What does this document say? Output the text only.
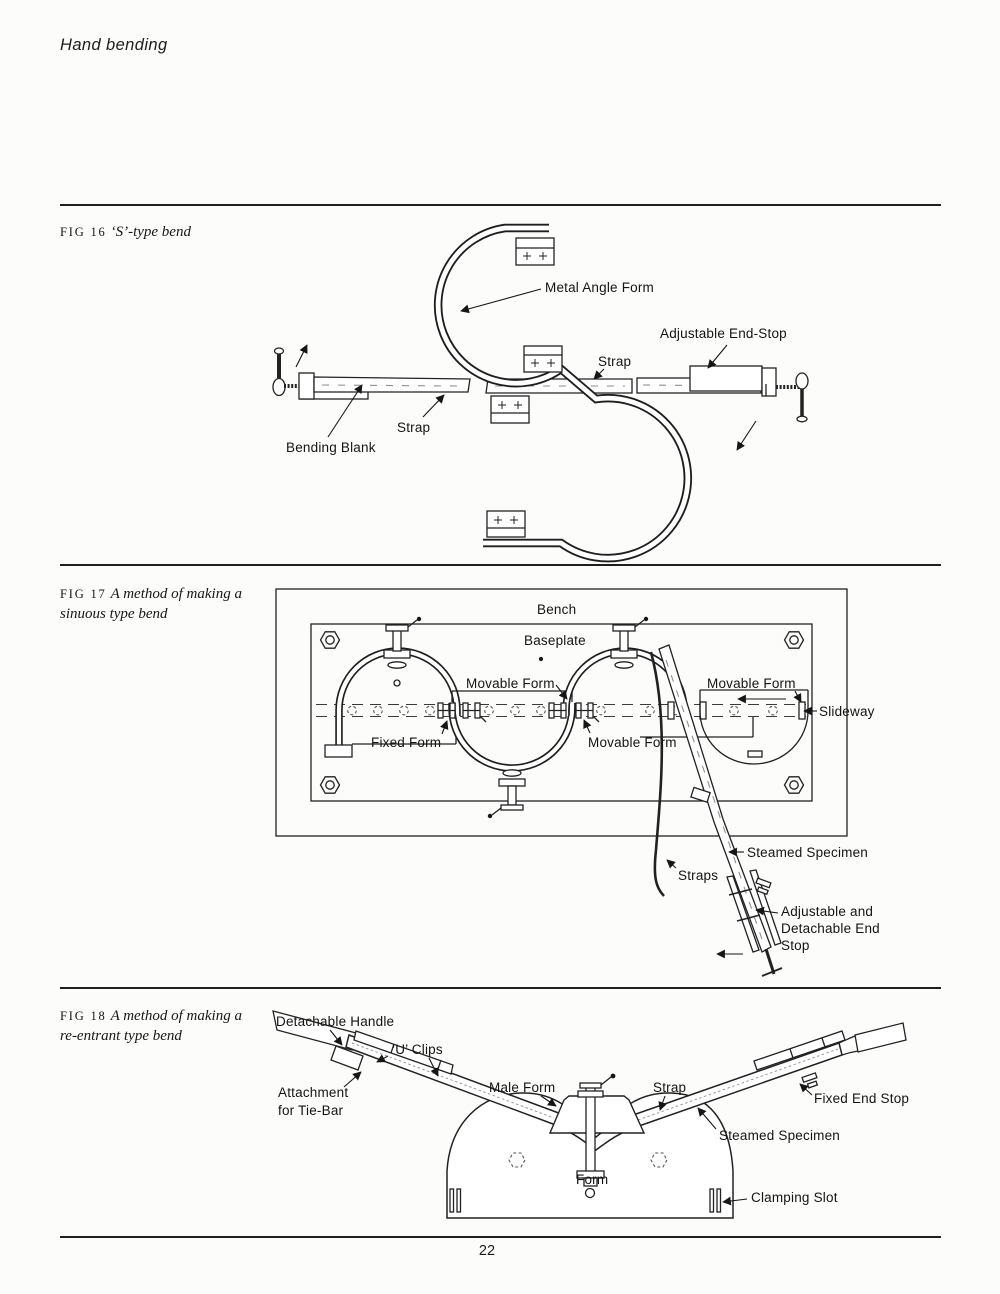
Hand bending
FIG 16 ‘S’-type bend
Metal Angle Form
Adjustable End-Stop
Strap
Strap
Bending Blank
FIG 17 A method of making a
sinuous type bend	Bench
Baseplate
Movable Form	Movable Form
Slideway
Fixed Form	Movable Form
Steamed Specimen
Straps
Adjustable and
Detachable End
Stop
FIG 18 A method of making a
re-entrant type bend
Detachable Handle
‘U’ Clips
Attachment
for Tie-Bar
Male Form	Strap
Fixed End Stop
Steamed Specimen
Form
Clamping Slot
22
